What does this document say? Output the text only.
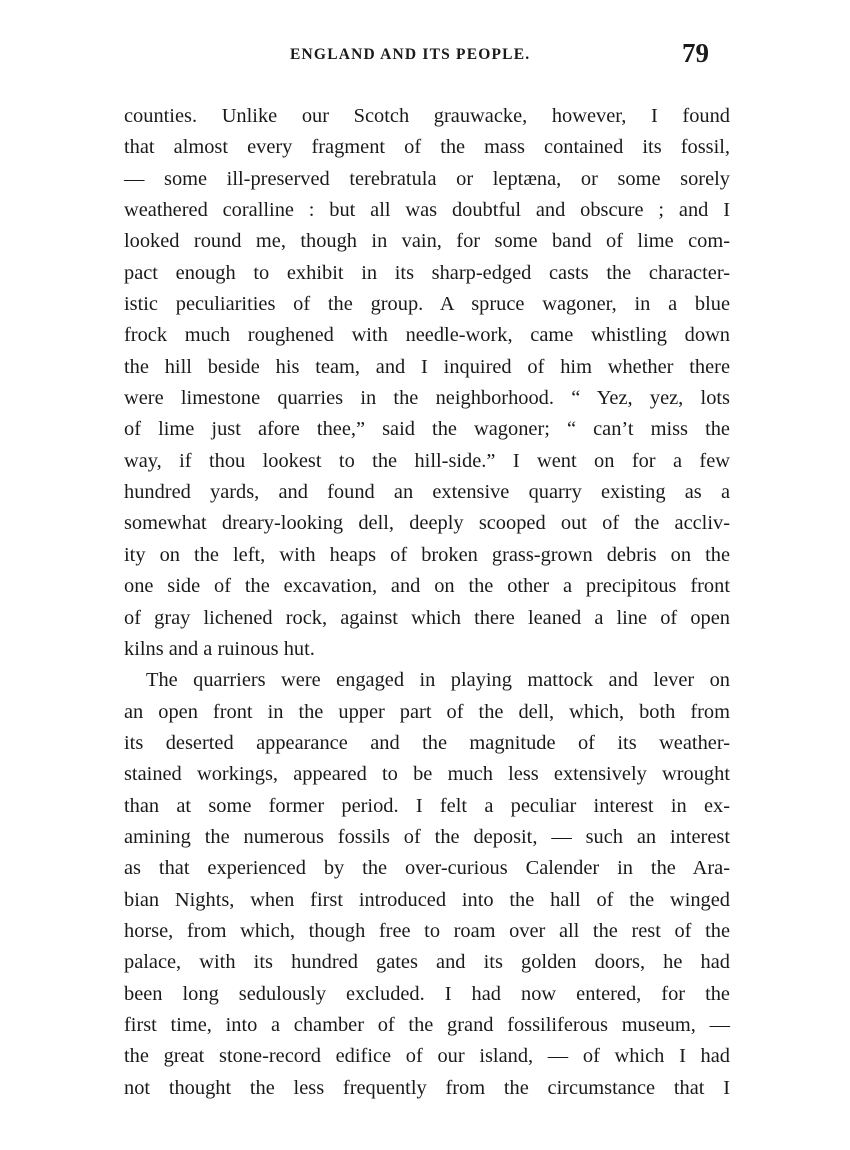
ENGLAND AND ITS PEOPLE.	79
counties. Unlike our Scotch grauwacke, however, I found
that almost every fragment of the mass contained its fossil,
— some ill-preserved terebratula or leptæna, or some sorely
weathered coralline : but all was doubtful and obscure ; and I
looked round me, though in vain, for some band of lime com-
pact enough to exhibit in its sharp-edged casts the character-
istic peculiarities of the group. A spruce wagoner, in a blue
frock much roughened with needle-work, came whistling down
the hill beside his team, and I inquired of him whether there
were limestone quarries in the neighborhood. “ Yez, yez, lots
of lime just afore thee,” said the wagoner; “ can’t miss the
way, if thou lookest to the hill-side.” I went on for a few
hundred yards, and found an extensive quarry existing as a
somewhat dreary-looking dell, deeply scooped out of the accliv-
ity on the left, with heaps of broken grass-grown debris on the
one side of the excavation, and on the other a precipitous front
of gray lichened rock, against which there leaned a line of open
kilns and a ruinous hut.
The quarriers were engaged in playing mattock and lever on
an open front in the upper part of the dell, which, both from
its deserted appearance and the magnitude of its weather-
stained workings, appeared to be much less extensively wrought
than at some former period. I felt a peculiar interest in ex-
amining the numerous fossils of the deposit, — such an interest
as that experienced by the over-curious Calender in the Ara-
bian Nights, when first introduced into the hall of the winged
horse, from which, though free to roam over all the rest of the
palace, with its hundred gates and its golden doors, he had
been long sedulously excluded. I had now entered, for the
first time, into a chamber of the grand fossiliferous museum, —
the great stone-record edifice of our island, — of which I had
not thought the less frequently from the circumstance that I
